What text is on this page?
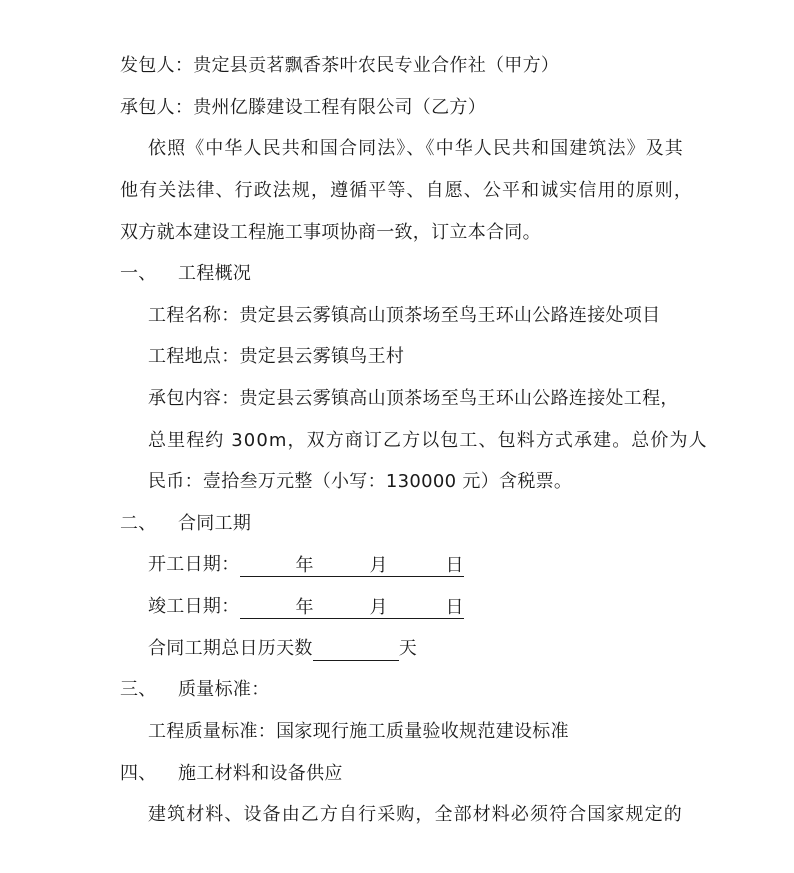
发包人：贵定县贡茗飘香茶叶农民专业合作社（甲方）
承包人：贵州亿滕建设工程有限公司（乙方）
依照《中华人民共和国合同法》、《中华人民共和国建筑法》及其
他有关法律、行政法规，遵循平等、自愿、公平和诚实信用的原则，
双方就本建设工程施工事项协商一致，订立本合同。
一、 工程概况
工程名称：贵定县云雾镇高山顶茶场至鸟王环山公路连接处项目
工程地点：贵定县云雾镇鸟王村
承包内容：贵定县云雾镇高山顶茶场至鸟王环山公路连接处工程，
总里程约 300m，双方商订乙方以包工、包料方式承建。总价为人
民币：壹拾叁万元整（小写：130000 元）含税票。
二、 合同工期
开工日期：	年	月	日
竣工日期：	年	月	日
合同工期总日历天数	天
三、 质量标准：
工程质量标准：国家现行施工质量验收规范建设标准
四、 施工材料和设备供应
建筑材料、设备由乙方自行采购，全部材料必须符合国家规定的
